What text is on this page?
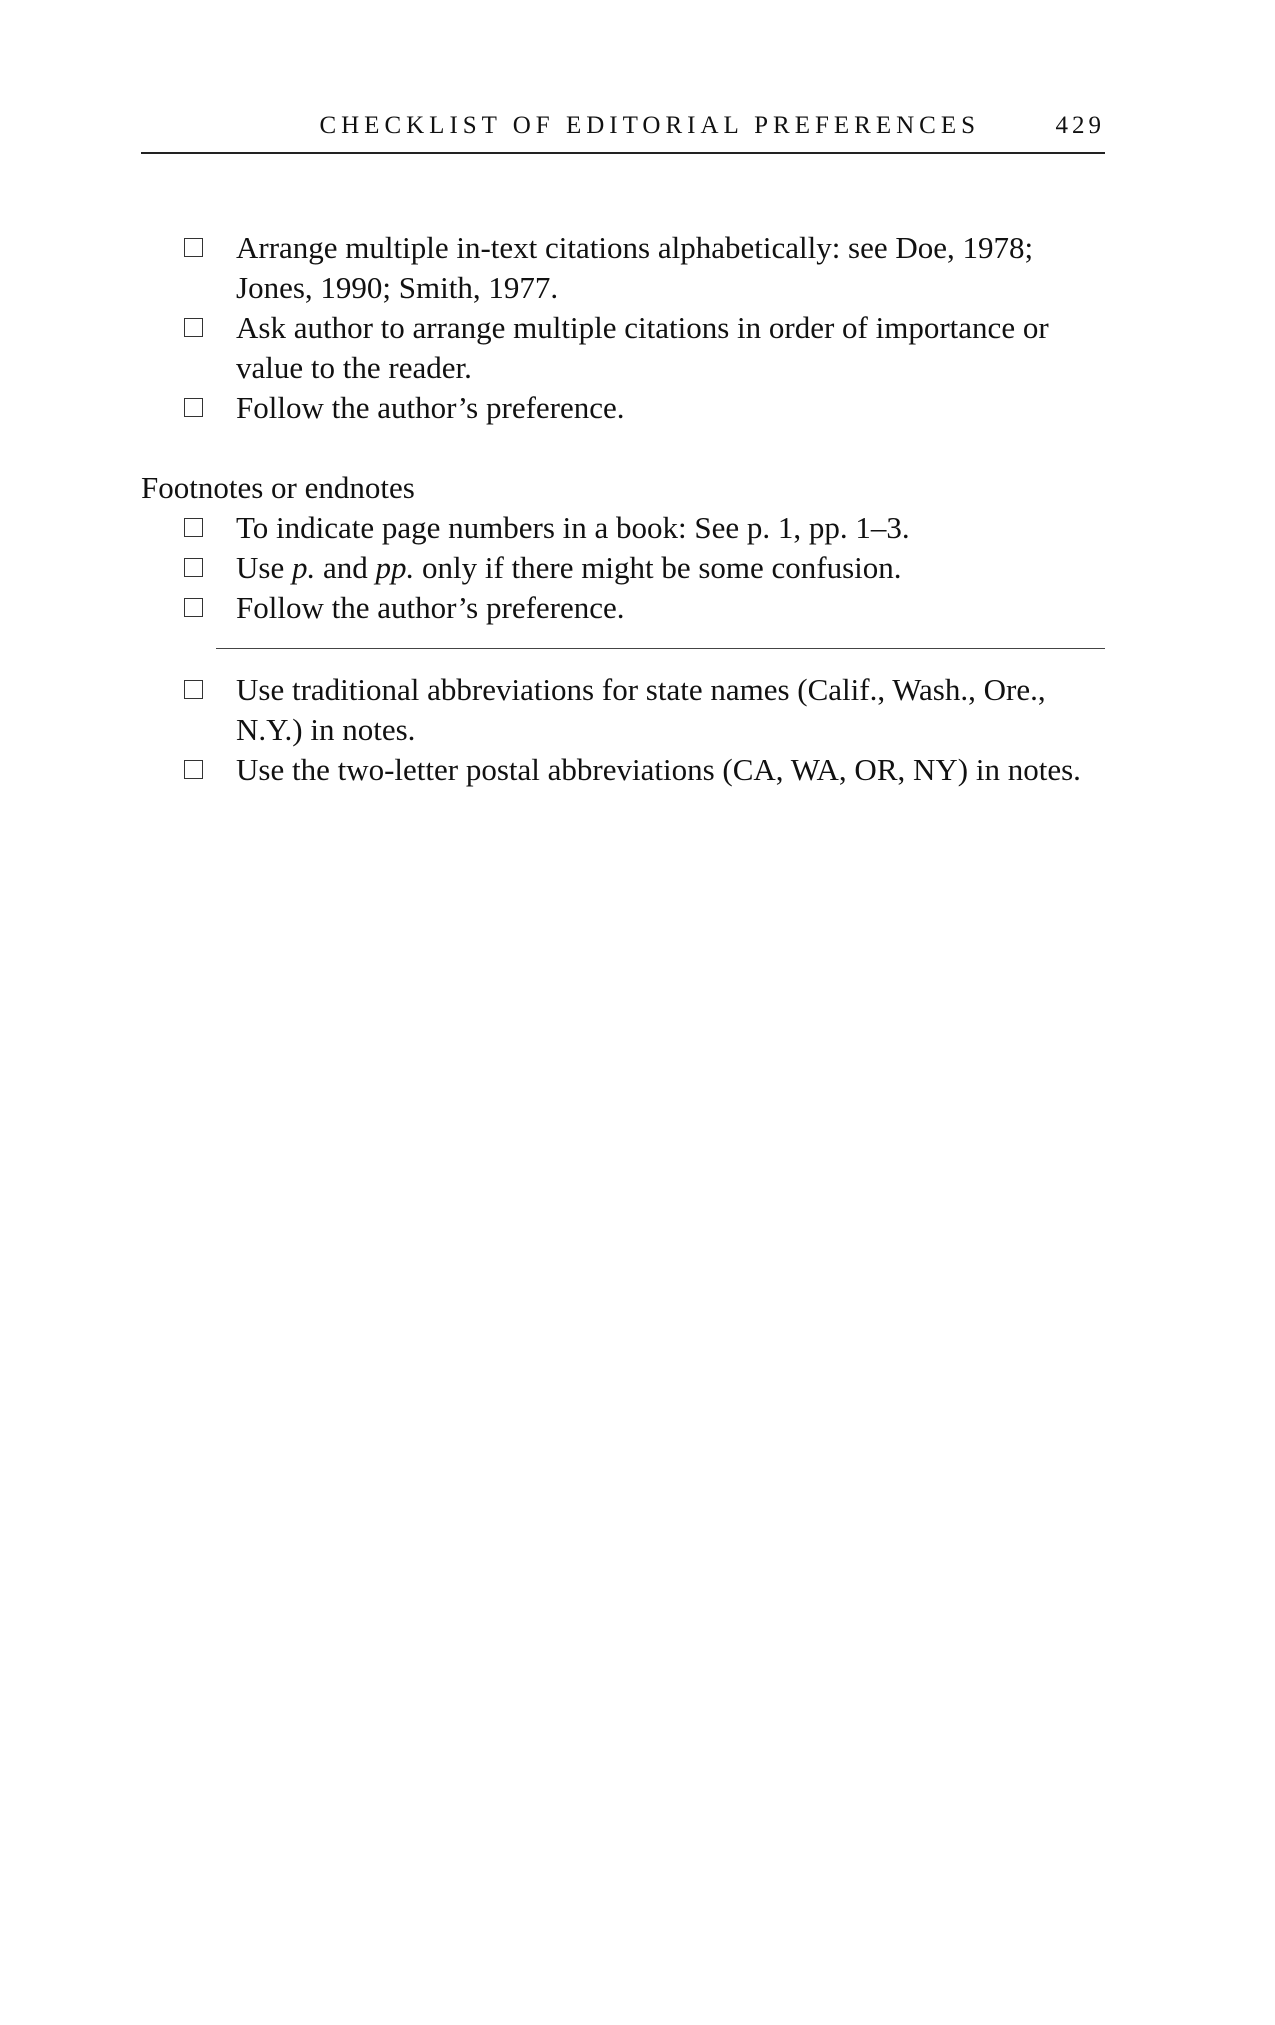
CHECKLIST OF EDITORIAL PREFERENCES	429
Arrange multiple in-text citations alphabetically: see Doe, 1978; Jones, 1990; Smith, 1977.
Ask author to arrange multiple citations in order of importance or value to the reader.
Follow the author’s preference.
Footnotes or endnotes
To indicate page numbers in a book: See p. 1, pp. 1–3.
Use p. and pp. only if there might be some confusion.
Follow the author’s preference.
Use traditional abbreviations for state names (Calif., Wash., Ore., N.Y.) in notes.
Use the two-letter postal abbreviations (CA, WA, OR, NY) in notes.
